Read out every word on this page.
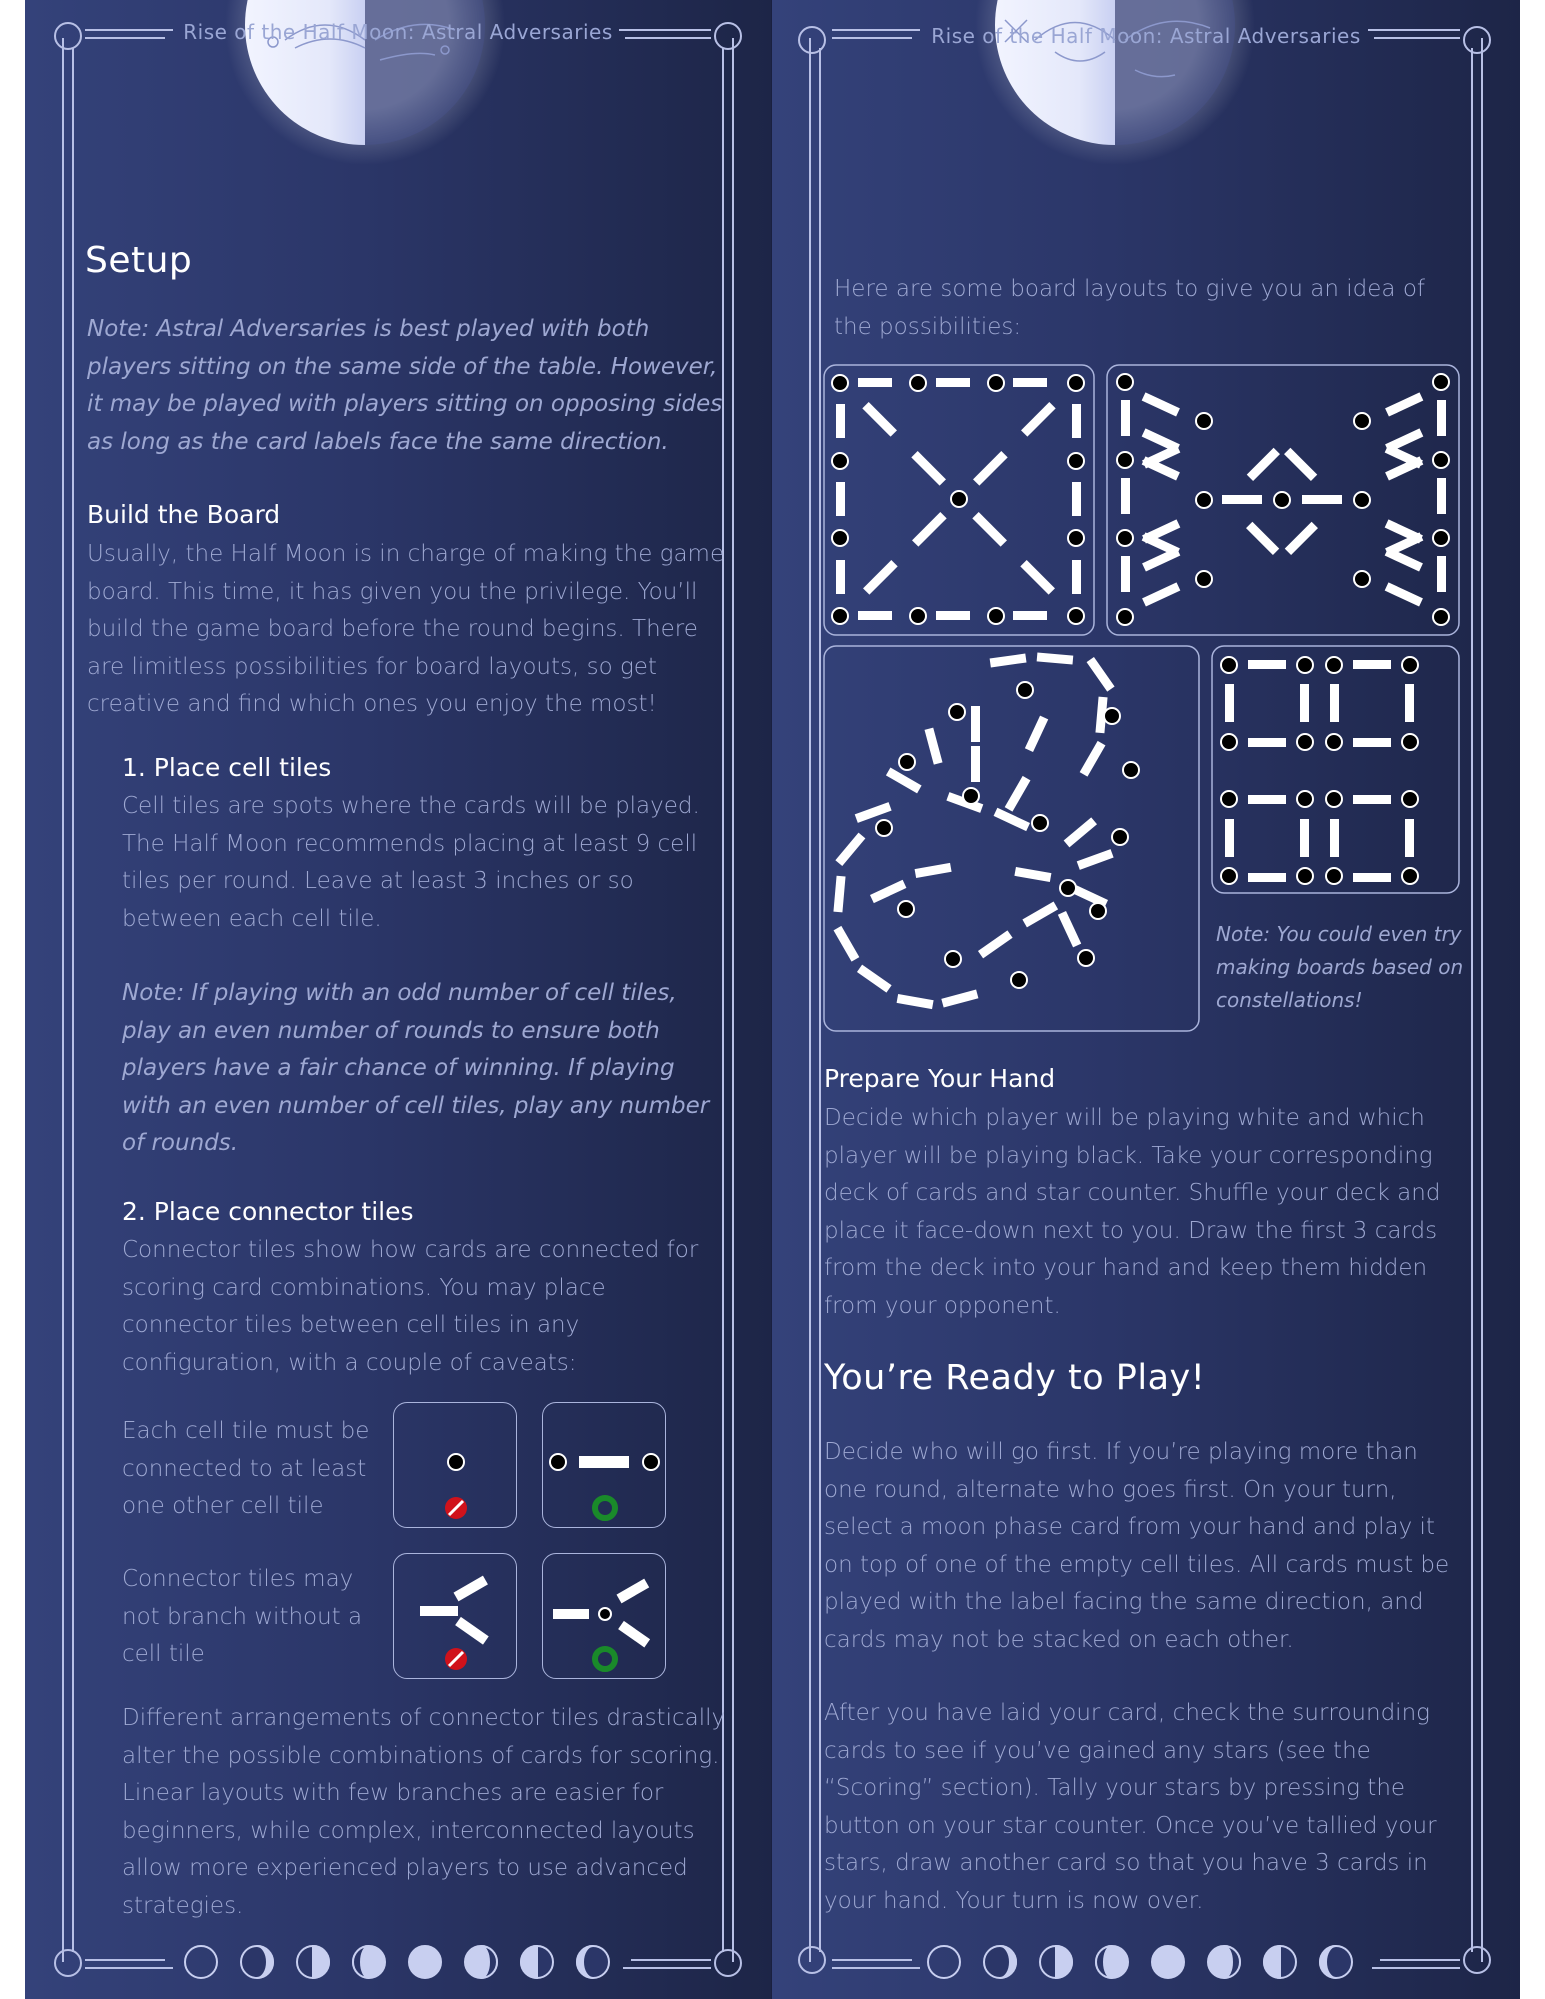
Rise of the Half Moon: Astral Adversaries
Setup
Note: Astral Adversaries is best played with both players sitting on the same side of the table. However, it may be played with players sitting on opposing sides as long as the card labels face the same direction.
Build the Board
Usually, the Half Moon is in charge of making the game board. This time, it has given you the privilege. You’ll build the game board before the round begins. There are limitless possibilities for board layouts, so get creative and find which ones you enjoy the most!
1. Place cell tiles
Cell tiles are spots where the cards will be played. The Half Moon recommends placing at least 9 cell tiles per round. Leave at least 3 inches or so between each cell tile.
Note: If playing with an odd number of cell tiles, play an even number of rounds to ensure both players have a fair chance of winning. If playing with an even number of cell tiles, play any number of rounds.
2. Place connector tiles
Connector tiles show how cards are connected for scoring card combinations. You may place connector tiles between cell tiles in any configuration, with a couple of caveats:
Each cell tile must be connected to at least one other cell tile
Connector tiles may not branch without a cell tile
Different arrangements of connector tiles drastically alter the possible combinations of cards for scoring. Linear layouts with few branches are easier for beginners, while complex, interconnected layouts allow more experienced players to use advanced strategies.
Rise of the Half Moon: Astral Adversaries
Here are some board layouts to give you an idea of the possibilities:
Note: You could even try making boards based on constellations!
Prepare Your Hand
Decide which player will be playing white and which player will be playing black. Take your corresponding deck of cards and star counter. Shuffle your deck and place it face-down next to you. Draw the first 3 cards from the deck into your hand and keep them hidden from your opponent.
You’re Ready to Play!
Decide who will go first. If you’re playing more than one round, alternate who goes first. On your turn, select a moon phase card from your hand and play it on top of one of the empty cell tiles. All cards must be played with the label facing the same direction, and cards may not be stacked on each other.
After you have laid your card, check the surrounding cards to see if you’ve gained any stars (see the “Scoring” section). Tally your stars by pressing the button on your star counter. Once you’ve tallied your stars, draw another card so that you have 3 cards in your hand. Your turn is now over.
